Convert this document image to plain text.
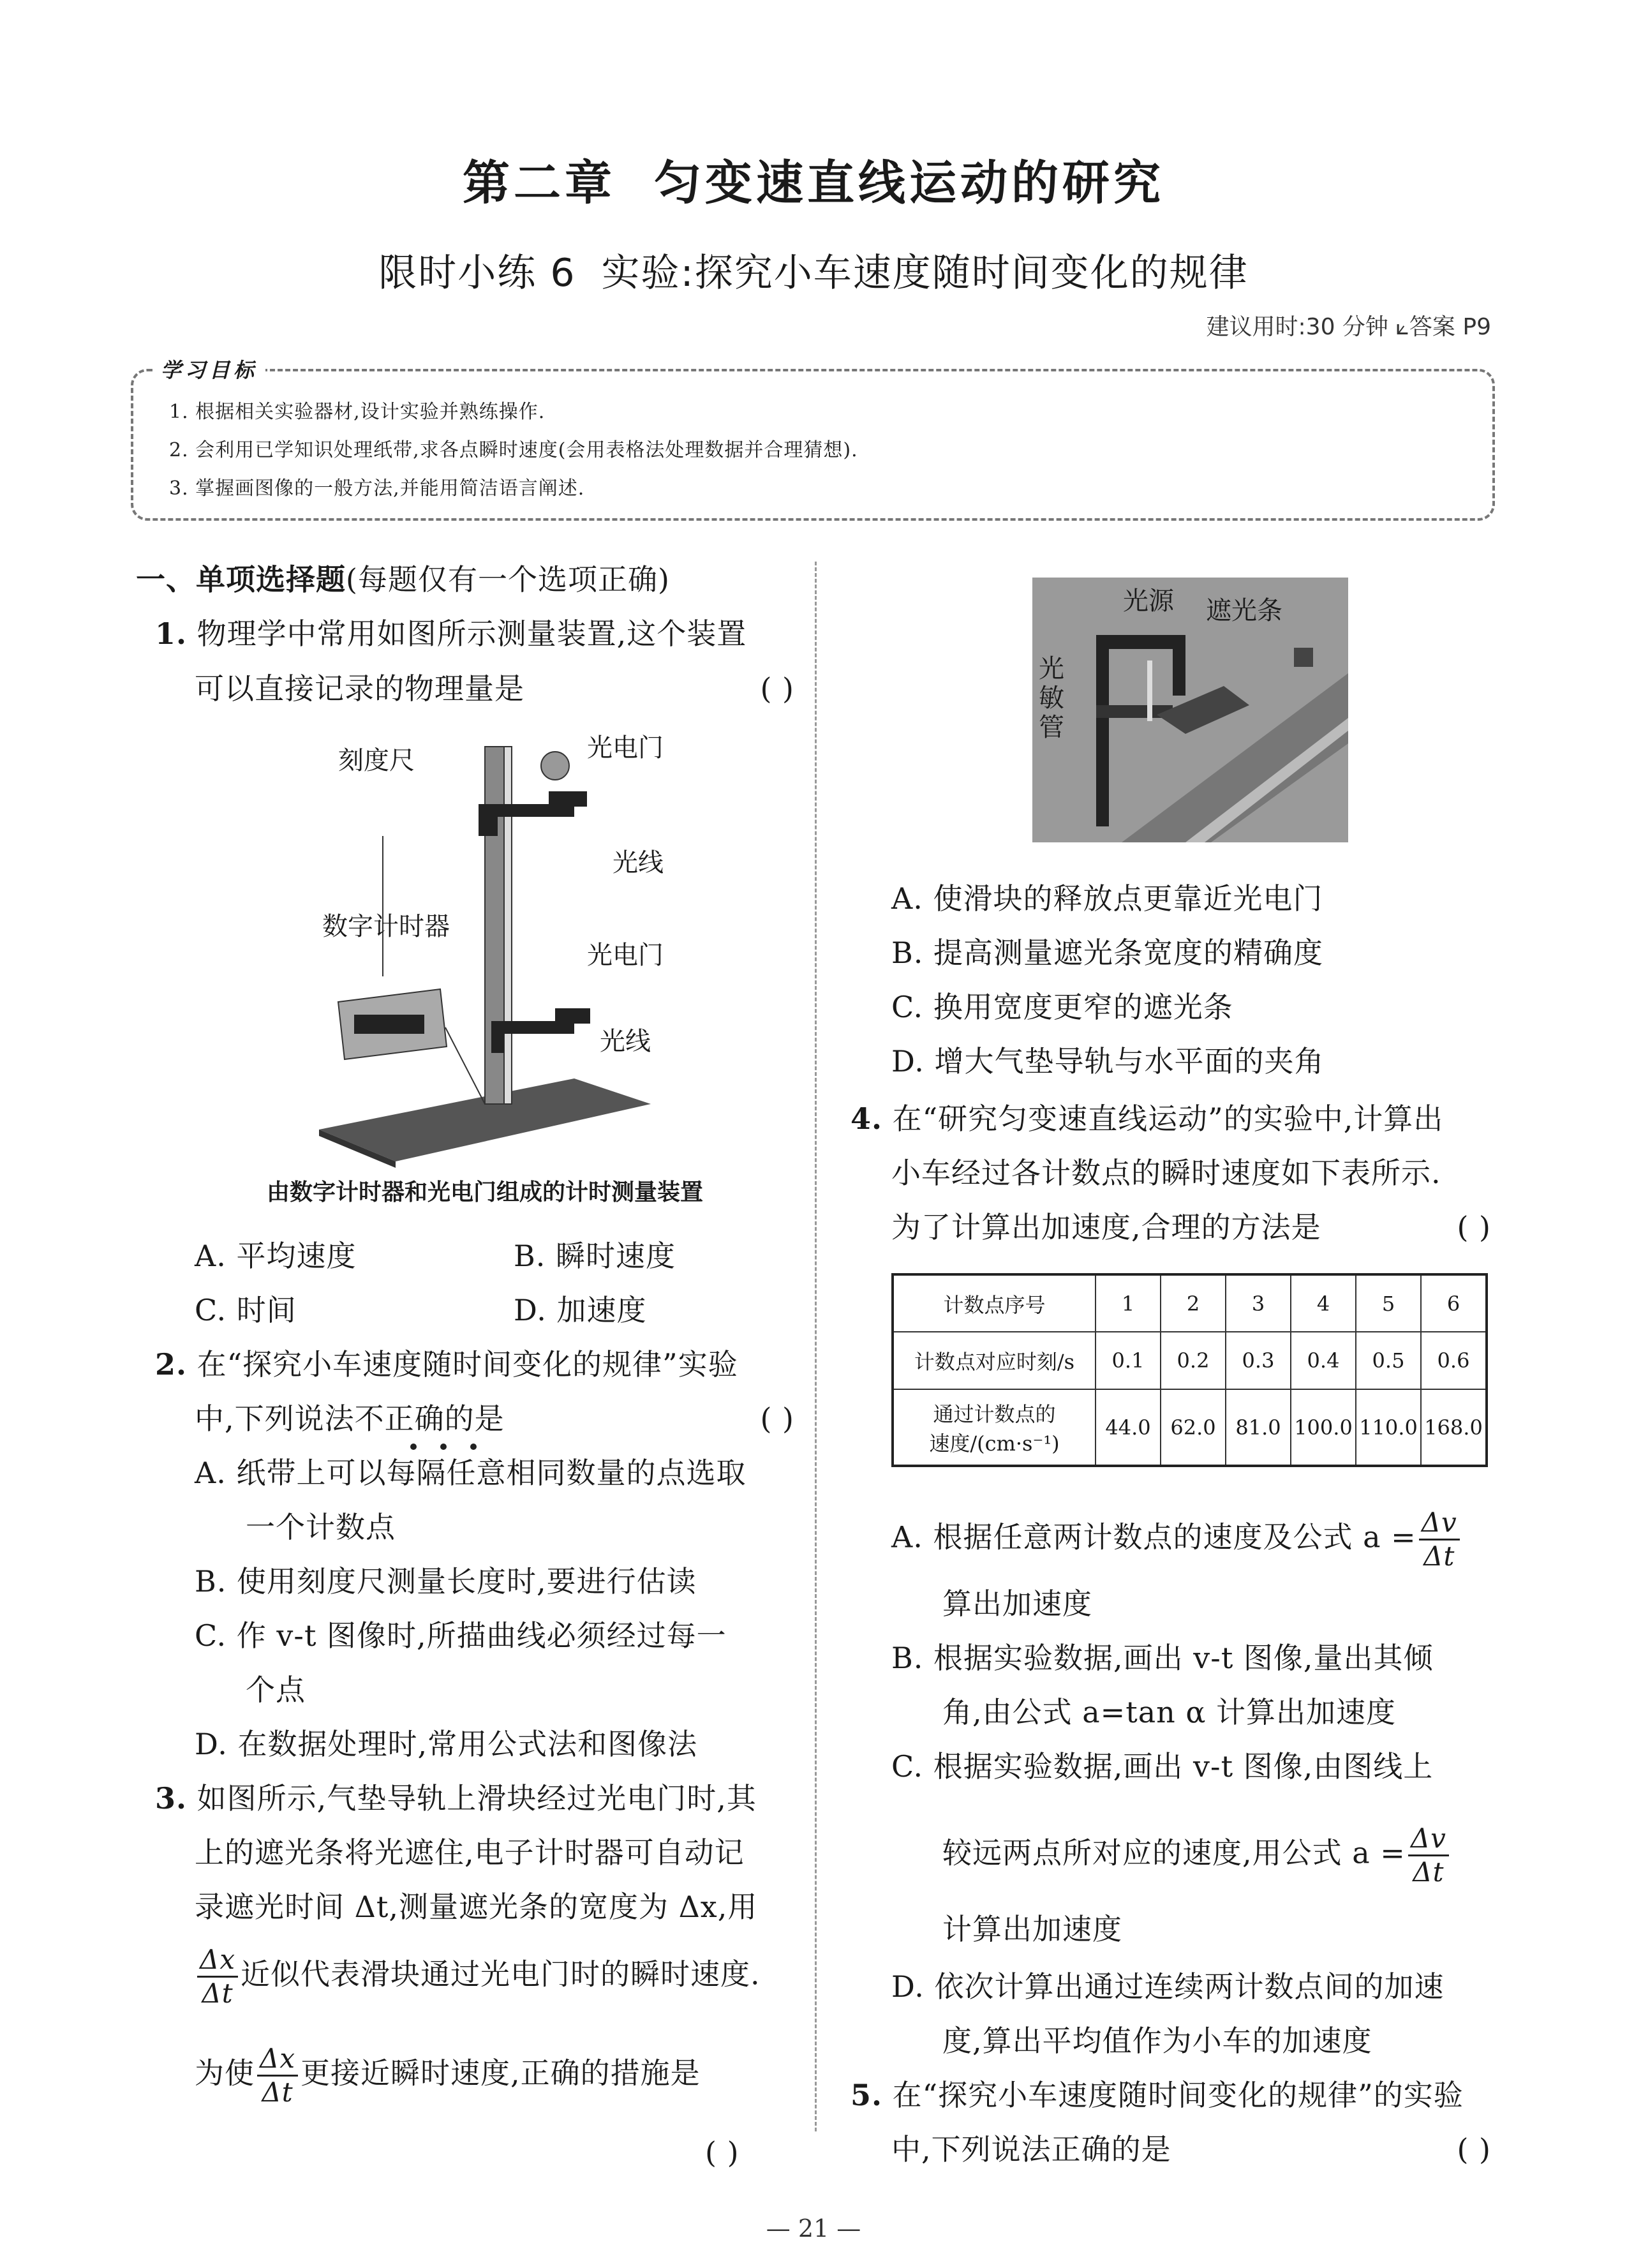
第二章 匀变速直线运动的研究
限时小练 6 实验:探究小车速度随时间变化的规律
建议用时:30 分钟 ⟀答案 P9
学习目标
1. 根据相关实验器材,设计实验并熟练操作.
2. 会利用已学知识处理纸带,求各点瞬时速度(会用表格法处理数据并合理猜想).
3. 掌握画图像的一般方法,并能用简洁语言阐述.
一、单项选择题(每题仅有一个选项正确)
1. 物理学中常用如图所示测量装置,这个装置
可以直接记录的物理量是	( )
刻度尺	光电门
光线
数字计时器
光电门
光线
由数字计时器和光电门组成的计时测量装置
A. 平均速度	B. 瞬时速度
C. 时间	D. 加速度
2. 在“探究小车速度随时间变化的规律”实验
中,下列说法不正确的是	( )
A. 纸带上可以每隔任意相同数量的点选取
一个计数点
B. 使用刻度尺测量长度时,要进行估读
C. 作 v-t 图像时,所描曲线必须经过每一
个点
D. 在数据处理时,常用公式法和图像法
3. 如图所示,气垫导轨上滑块经过光电门时,其
上的遮光条将光遮住,电子计时器可自动记
录遮光时间 Δt,测量遮光条的宽度为 Δx,用
$\frac{\Delta x}{\Delta t}$ 近似代表滑块通过光电门时的瞬时速度.
为使 $\frac{\Delta x}{\Delta t}$ 更接近瞬时速度,正确的措施是
( )
光源 遮光条
光敏管
A. 使滑块的释放点更靠近光电门
B. 提高测量遮光条宽度的精确度
C. 换用宽度更窄的遮光条
D. 增大气垫导轨与水平面的夹角
4. 在“研究匀变速直线运动”的实验中,计算出
小车经过各计数点的瞬时速度如下表所示.
为了计算出加速度,合理的方法是	( )
计数点序号	1	2	3	4	5	6
计数点对应时刻/s	0.1	0.2	0.3	0.4	0.5	0.6

通过计数点的
速度/(cm·s⁻¹)	44.0	62.0	81.0	100.0	110.0	168.0
A. 根据任意两计数点的速度及公式 $a = \frac{\Delta v}{\Delta t}$
算出加速度
B. 根据实验数据,画出 v-t 图像,量出其倾
角,由公式 a=tan α 计算出加速度
C. 根据实验数据,画出 v-t 图像,由图线上
较远两点所对应的速度,用公式 $a = \frac{\Delta v}{\Delta t}$
计算出加速度
D. 依次计算出通过连续两计数点间的加速
度,算出平均值作为小车的加速度
5. 在“探究小车速度随时间变化的规律”的实验
中,下列说法正确的是	( )
— 21 —
